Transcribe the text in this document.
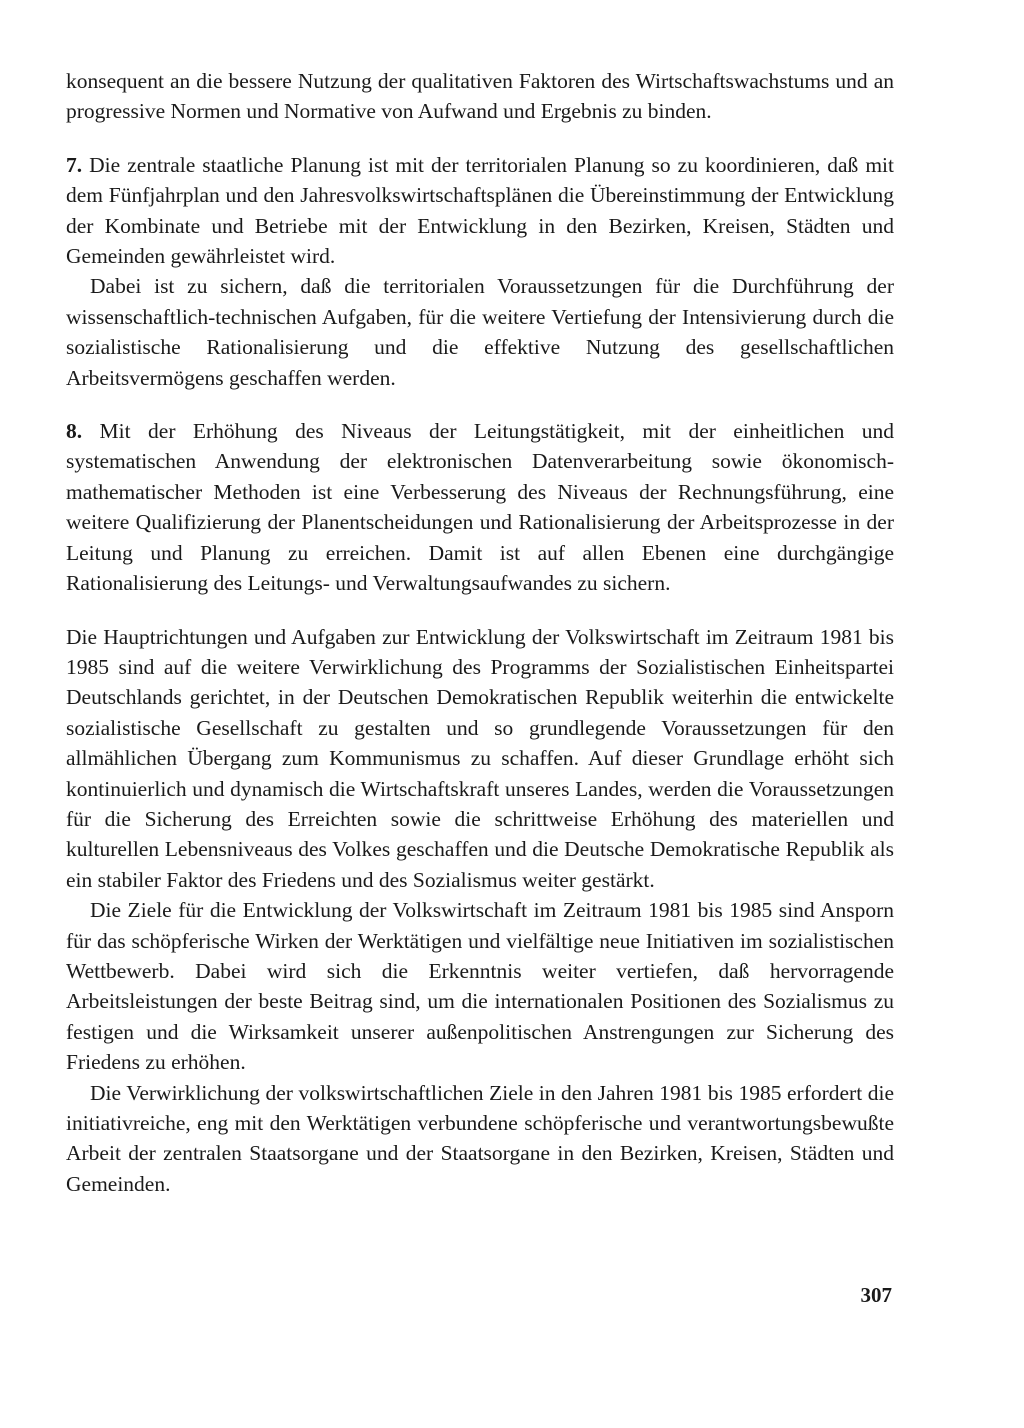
konsequent an die bessere Nutzung der qualitativen Faktoren des Wirtschaftswachstums und an progressive Normen und Normative von Aufwand und Ergebnis zu binden.

7. Die zentrale staatliche Planung ist mit der territorialen Planung so zu koordinieren, daß mit dem Fünfjahrplan und den Jahresvolkswirtschaftsplänen die Übereinstimmung der Entwicklung der Kombinate und Betriebe mit der Entwicklung in den Bezirken, Kreisen, Städten und Gemeinden gewährleistet wird.

Dabei ist zu sichern, daß die territorialen Voraussetzungen für die Durchführung der wissenschaftlich-technischen Aufgaben, für die weitere Vertiefung der Intensivierung durch die sozialistische Rationalisierung und die effektive Nutzung des gesellschaftlichen Arbeitsvermögens geschaffen werden.

8. Mit der Erhöhung des Niveaus der Leitungstätigkeit, mit der einheitlichen und systematischen Anwendung der elektronischen Datenverarbeitung sowie ökonomisch-mathematischer Methoden ist eine Verbesserung des Niveaus der Rechnungsführung, eine weitere Qualifizierung der Planentscheidungen und Rationalisierung der Arbeitsprozesse in der Leitung und Planung zu erreichen. Damit ist auf allen Ebenen eine durchgängige Rationalisierung des Leitungs- und Verwaltungsaufwandes zu sichern.

Die Hauptrichtungen und Aufgaben zur Entwicklung der Volkswirtschaft im Zeitraum 1981 bis 1985 sind auf die weitere Verwirklichung des Programms der Sozialistischen Einheitspartei Deutschlands gerichtet, in der Deutschen Demokratischen Republik weiterhin die entwickelte sozialistische Gesellschaft zu gestalten und so grundlegende Voraussetzungen für den allmählichen Übergang zum Kommunismus zu schaffen. Auf dieser Grundlage erhöht sich kontinuierlich und dynamisch die Wirtschaftskraft unseres Landes, werden die Voraussetzungen für die Sicherung des Erreichten sowie die schrittweise Erhöhung des materiellen und kulturellen Lebensniveaus des Volkes geschaffen und die Deutsche Demokratische Republik als ein stabiler Faktor des Friedens und des Sozialismus weiter gestärkt.

Die Ziele für die Entwicklung der Volkswirtschaft im Zeitraum 1981 bis 1985 sind Ansporn für das schöpferische Wirken der Werktätigen und vielfältige neue Initiativen im sozialistischen Wettbewerb. Dabei wird sich die Erkenntnis weiter vertiefen, daß hervorragende Arbeitsleistungen der beste Beitrag sind, um die internationalen Positionen des Sozialismus zu festigen und die Wirksamkeit unserer außenpolitischen Anstrengungen zur Sicherung des Friedens zu erhöhen.

Die Verwirklichung der volkswirtschaftlichen Ziele in den Jahren 1981 bis 1985 erfordert die initiativreiche, eng mit den Werktätigen verbundene schöpferische und verantwortungsbewußte Arbeit der zentralen Staatsorgane und der Staatsorgane in den Bezirken, Kreisen, Städten und Gemeinden.

307
